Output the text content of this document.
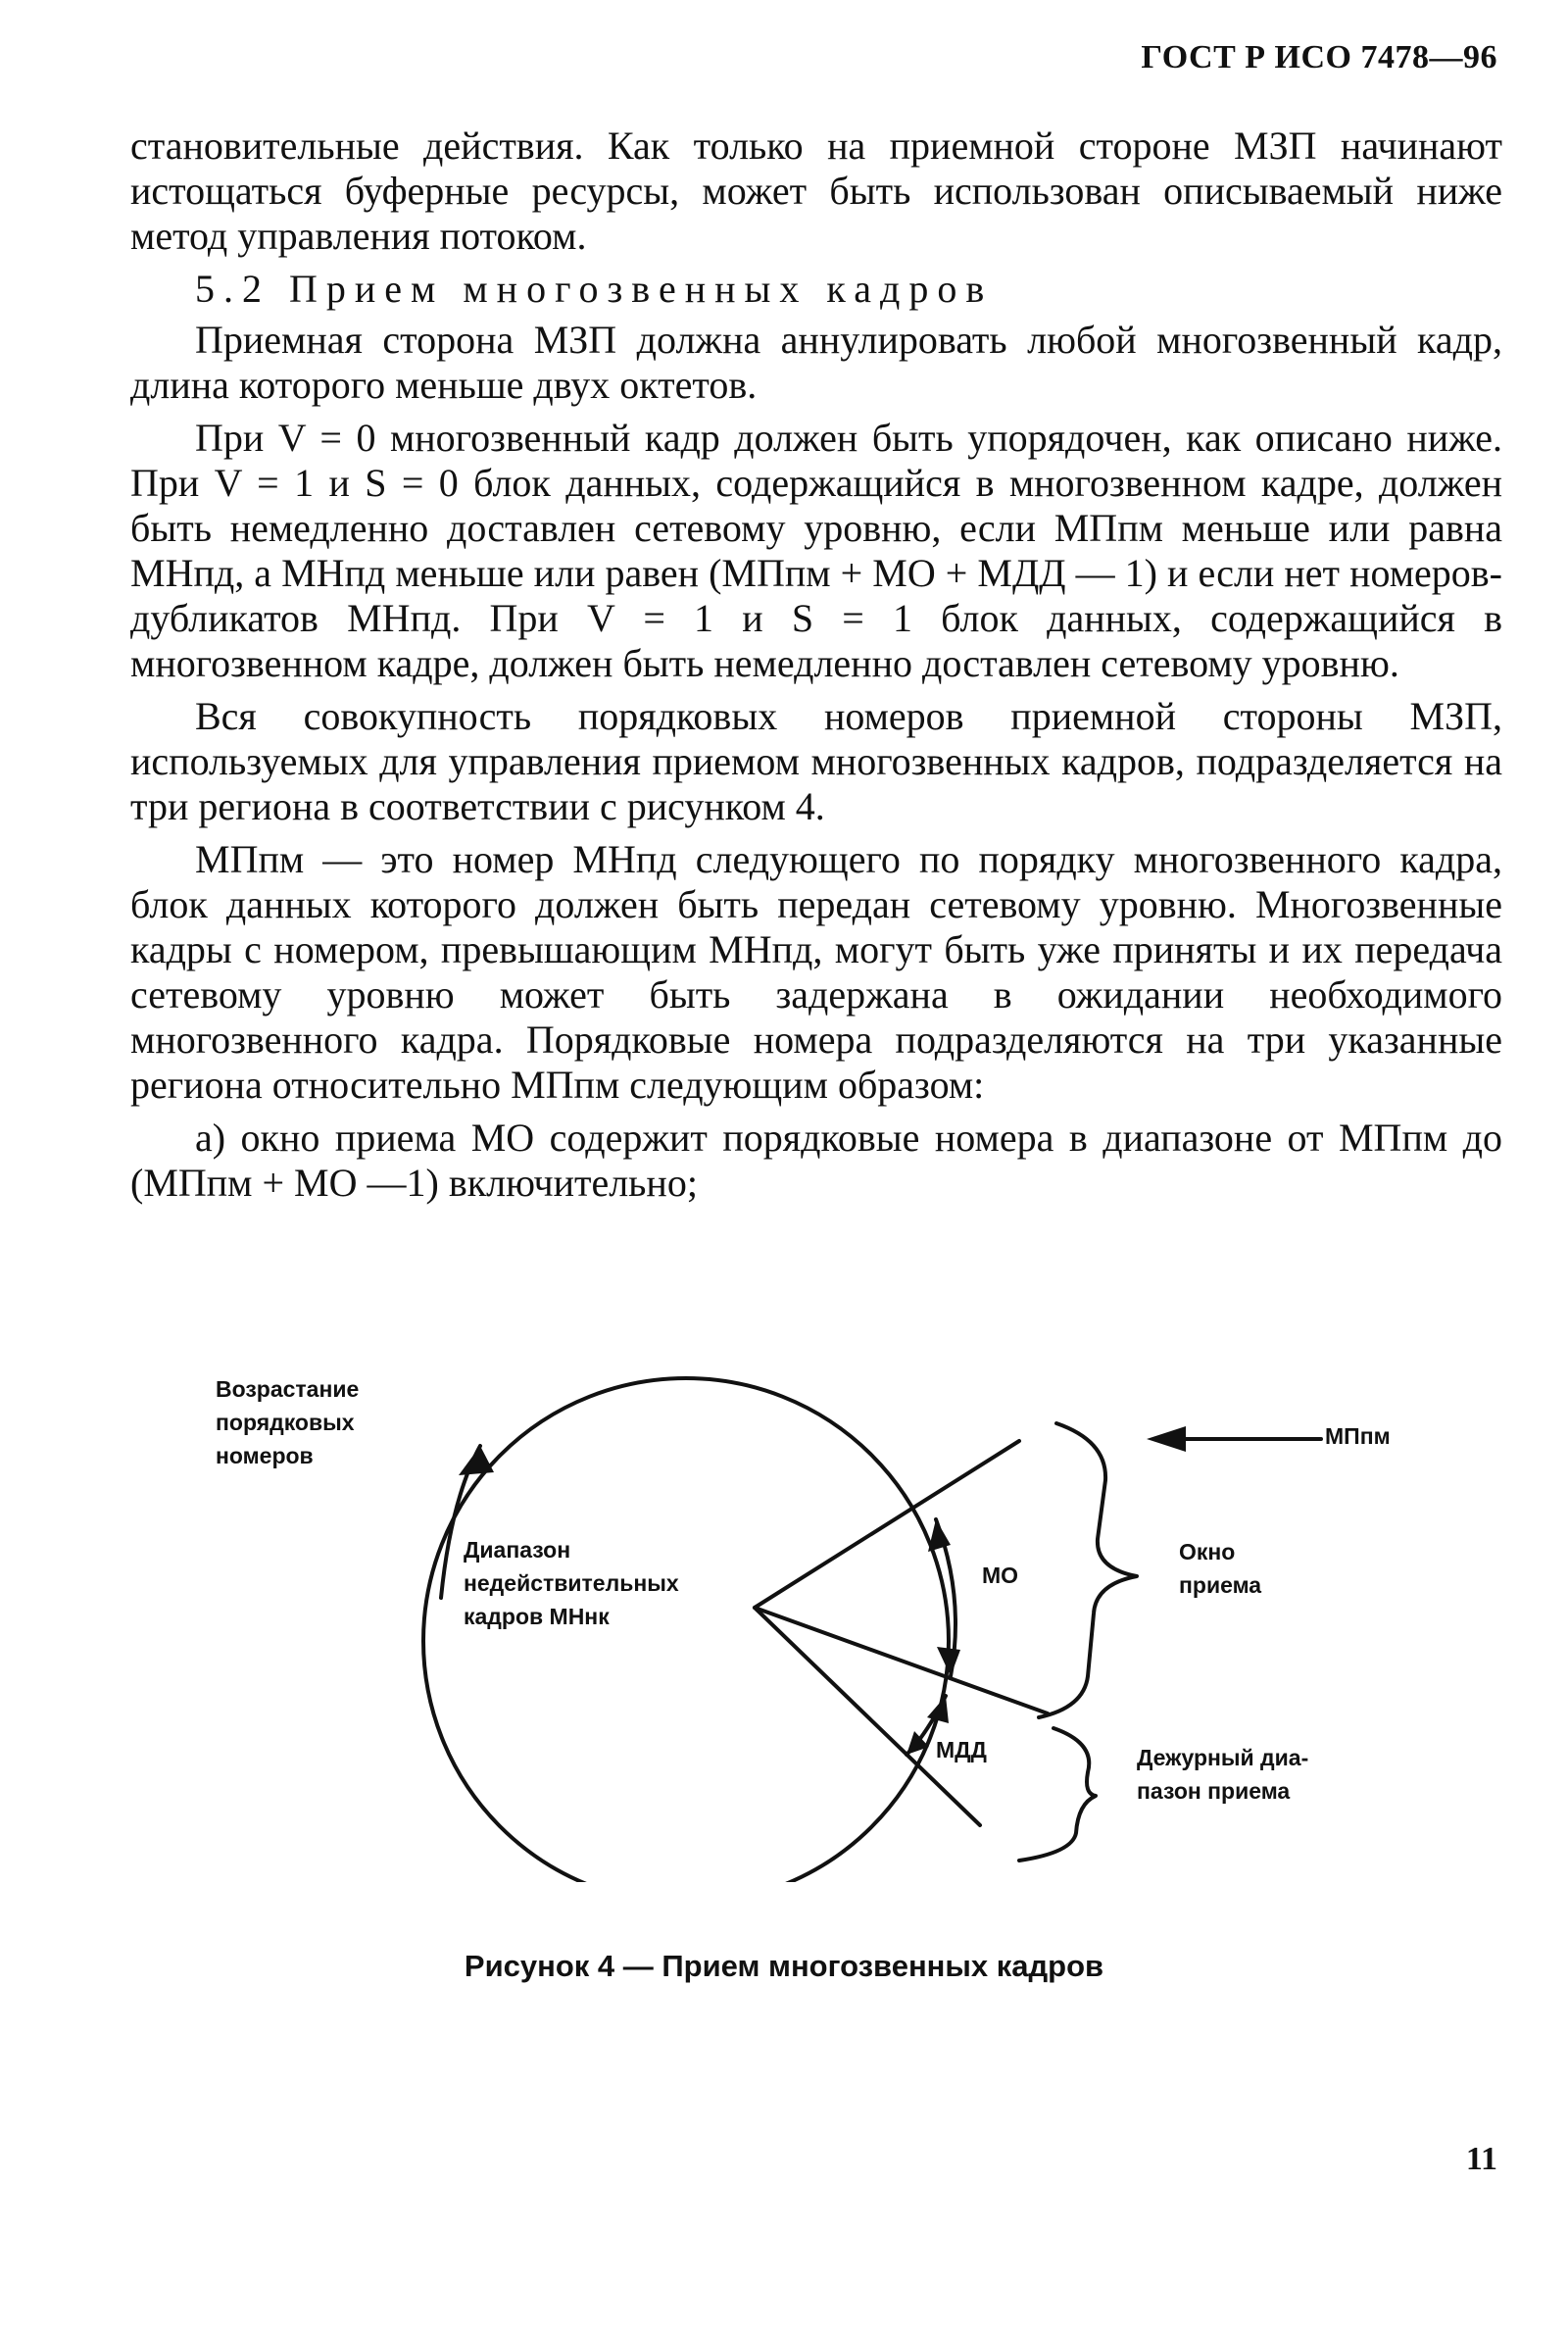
ГОСТ Р ИСО 7478—96

становительные действия. Как только на приемной стороне МЗП начинают истощаться буферные ресурсы, может быть использован описываемый ниже метод управления потоком.

5.2 Прием многозвенных кадров

Приемная сторона МЗП должна аннулировать любой многозвенный кадр, длина которого меньше двух октетов.

При V = 0 многозвенный кадр должен быть упорядочен, как описано ниже. При V = 1 и S = 0 блок данных, содержащийся в многозвенном кадре, должен быть немедленно доставлен сетевому уровню, если МПпм меньше или равна МНпд, а МНпд меньше или равен (МПпм + МО + МДД — 1) и если нет номеров-дубликатов МНпд. При V = 1 и S = 1 блок данных, содержащийся в многозвенном кадре, должен быть немедленно доставлен сетевому уровню.

Вся совокупность порядковых номеров приемной стороны МЗП, используемых для управления приемом многозвенных кадров, подразделяется на три региона в соответствии с рисунком 4.

МПпм — это номер МНпд следующего по порядку многозвенного кадра, блок данных которого должен быть передан сетевому уровню. Многозвенные кадры с номером, превышающим МНпд, могут быть уже приняты и их передача сетевому уровню может быть задержана в ожидании необходимого многозвенного кадра. Порядковые номера подразделяются на три указанные региона относительно МПпм следующим образом:

а) окно приема МО содержит порядковые номера в диапазоне от МПпм до (МПпм + МО —1) включительно;

Возрастание
порядковых
номеров
МПпм
Диапазон
недействительных
кадров МНнк
МО
МДД
Окно
приема
Дежурный диа-
пазон приема
Рисунок 4 — Прием многозвенных кадров
11
